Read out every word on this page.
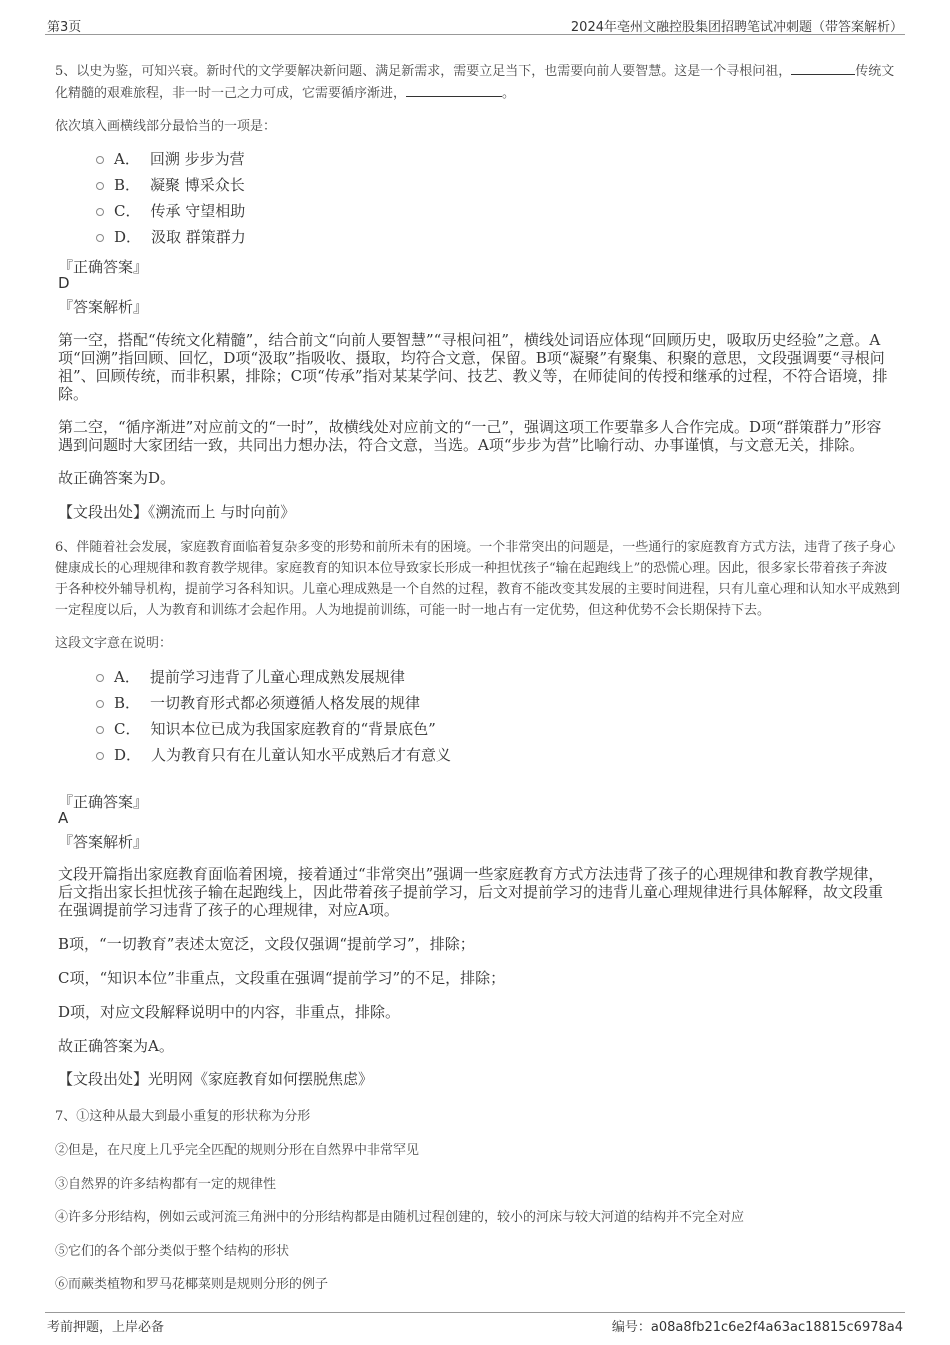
第3页	2024年亳州文融控股集团招聘笔试冲刺题（带答案解析）
5、以史为鉴，可知兴衰。新时代的文学要解决新问题、满足新需求，需要立足当下，也需要向前人要智慧。这是一个寻根问祖，	传统文化精髓的艰难旅程，非一时一己之力可成，它需要循序渐进，	。
依次填入画横线部分最恰当的一项是：
A． 回溯 步步为营
B． 凝聚 博采众长
C． 传承 守望相助
D． 汲取 群策群力
『正确答案』
D
『答案解析』
第一空，搭配“传统文化精髓”，结合前文“向前人要智慧”“寻根问祖”，横线处词语应体现“回顾历史，吸取历史经验”之意。A项“回溯”指回顾、回忆，D项“汲取”指吸收、摄取，均符合文意，保留。B项“凝聚”有聚集、积聚的意思，文段强调要“寻根问祖”、回顾传统，而非积累，排除；C项“传承”指对某某学问、技艺、教义等，在师徒间的传授和继承的过程，不符合语境，排除。
第二空，“循序渐进”对应前文的“一时”，故横线处对应前文的“一己”，强调这项工作要靠多人合作完成。D项“群策群力”形容遇到问题时大家团结一致，共同出力想办法，符合文意，当选。A项“步步为营”比喻行动、办事谨慎，与文意无关，排除。
故正确答案为D。
【文段出处】《溯流而上 与时向前》
6、伴随着社会发展，家庭教育面临着复杂多变的形势和前所未有的困境。一个非常突出的问题是，一些通行的家庭教育方式方法，违背了孩子身心健康成长的心理规律和教育教学规律。家庭教育的知识本位导致家长形成一种担忧孩子“输在起跑线上”的恐慌心理。因此，很多家长带着孩子奔波于各种校外辅导机构，提前学习各科知识。儿童心理成熟是一个自然的过程，教育不能改变其发展的主要时间进程，只有儿童心理和认知水平成熟到一定程度以后，人为教育和训练才会起作用。人为地提前训练，可能一时一地占有一定优势，但这种优势不会长期保持下去。
这段文字意在说明：
A． 提前学习违背了儿童心理成熟发展规律
B． 一切教育形式都必须遵循人格发展的规律
C． 知识本位已成为我国家庭教育的“背景底色”
D． 人为教育只有在儿童认知水平成熟后才有意义
『正确答案』
A
『答案解析』
文段开篇指出家庭教育面临着困境，接着通过“非常突出”强调一些家庭教育方式方法违背了孩子的心理规律和教育教学规律，后文指出家长担忧孩子输在起跑线上，因此带着孩子提前学习，后文对提前学习的违背儿童心理规律进行具体解释，故文段重在强调提前学习违背了孩子的心理规律，对应A项。
B项，“一切教育”表述太宽泛，文段仅强调“提前学习”，排除；
C项，“知识本位”非重点，文段重在强调“提前学习”的不足，排除；
D项，对应文段解释说明中的内容，非重点，排除。
故正确答案为A。
【文段出处】光明网《家庭教育如何摆脱焦虑》
7、①这种从最大到最小重复的形状称为分形
②但是，在尺度上几乎完全匹配的规则分形在自然界中非常罕见
③自然界的许多结构都有一定的规律性
④许多分形结构，例如云或河流三角洲中的分形结构都是由随机过程创建的，较小的河床与较大河道的结构并不完全对应
⑤它们的各个部分类似于整个结构的形状
⑥而蕨类植物和罗马花椰菜则是规则分形的例子
考前押题，上岸必备	编号：a08a8fb21c6e2f4a63ac18815c6978a4
